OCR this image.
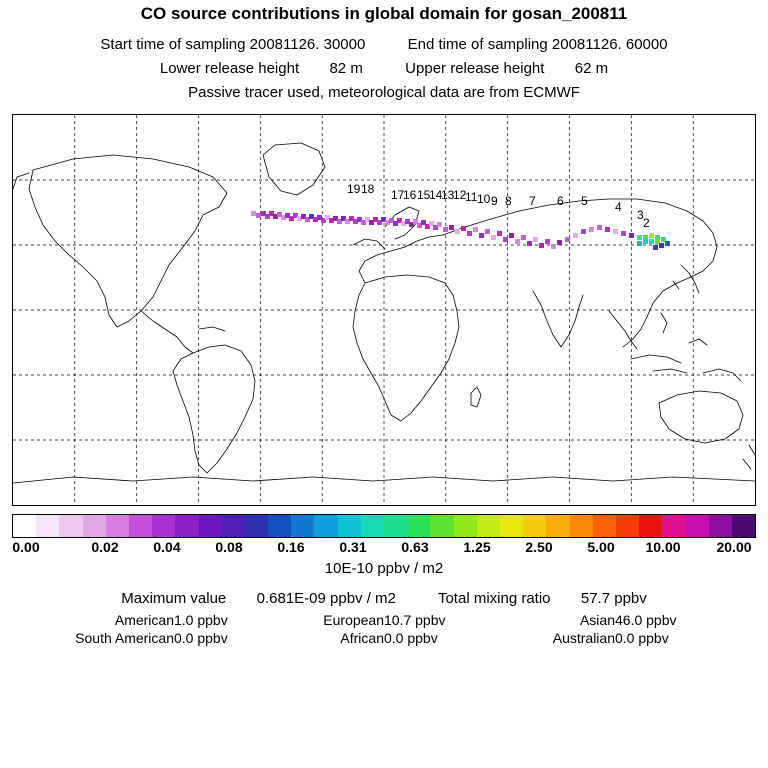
CO source contributions in global domain for gosan_200811
Start time of sampling 20081126. 30000	End time of sampling 20081126. 60000
Lower release height 82 m	Upper release height 62 m
Passive tracer used, meteorological data are from ECMWF
19 18 17
16 15
14
13
12
11 10 9 8 7 6 5 4
3
2
0.00	0.02 0.04 0.08 0.16 0.31 0.63 1.25 2.50 5.00 10.00	20.00
10E-10 ppbv / m2
Maximum value 0.681E-09 ppbv / m2	Total mixing ratio 57.7 ppbv
American	1.0 ppbv	European	10.7 ppbv	Asian	46.0 ppbv
South American	0.0 ppbv	African	0.0 ppbv	Australian	0.0 ppbv
